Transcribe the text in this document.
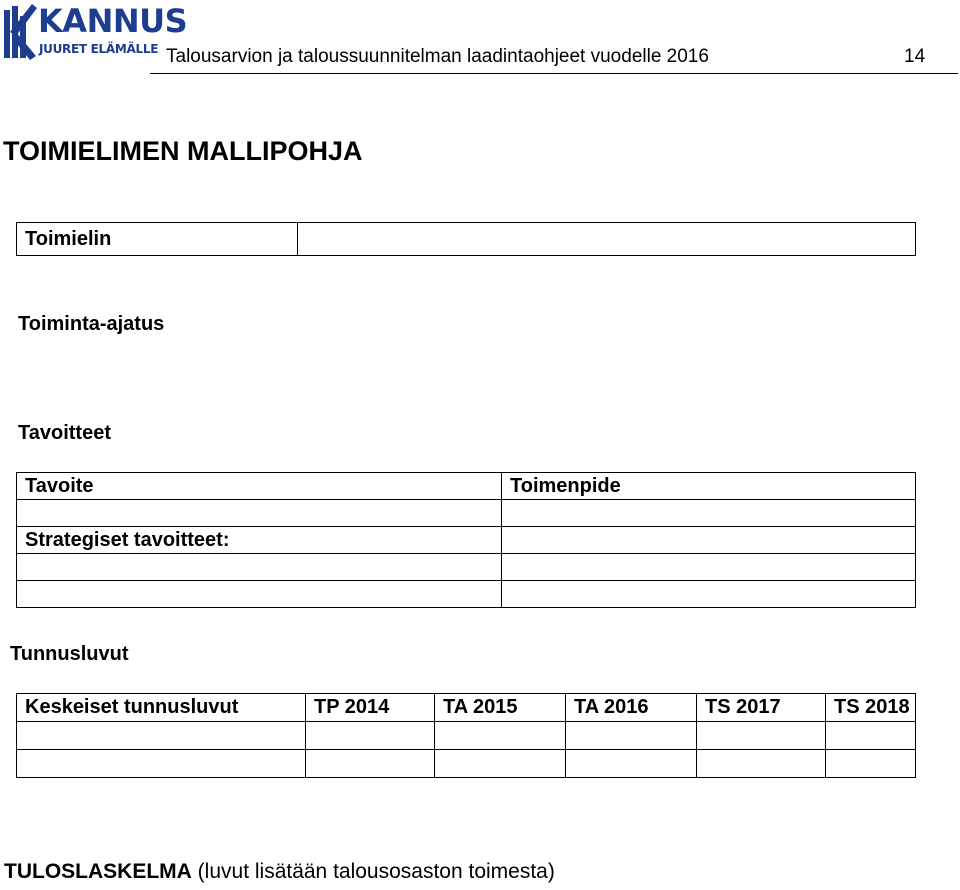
KANNUS
JUURET ELÄMÄLLE Talousarvion ja taloussuunnitelman laadintaohjeet vuodelle 2016	14
TOIMIELIMEN MALLIPOHJA
Toimielin	
Toiminta-ajatus
Tavoitteet
Tavoite	Toimenpide

Strategiset tavoitteet:	

Tunnusluvut
Keskeiset tunnusluvut	TP 2014	TA 2015	TA 2016	TS 2017	TS 2018

TULOSLASKELMA (luvut lisätään talousosaston toimesta)
